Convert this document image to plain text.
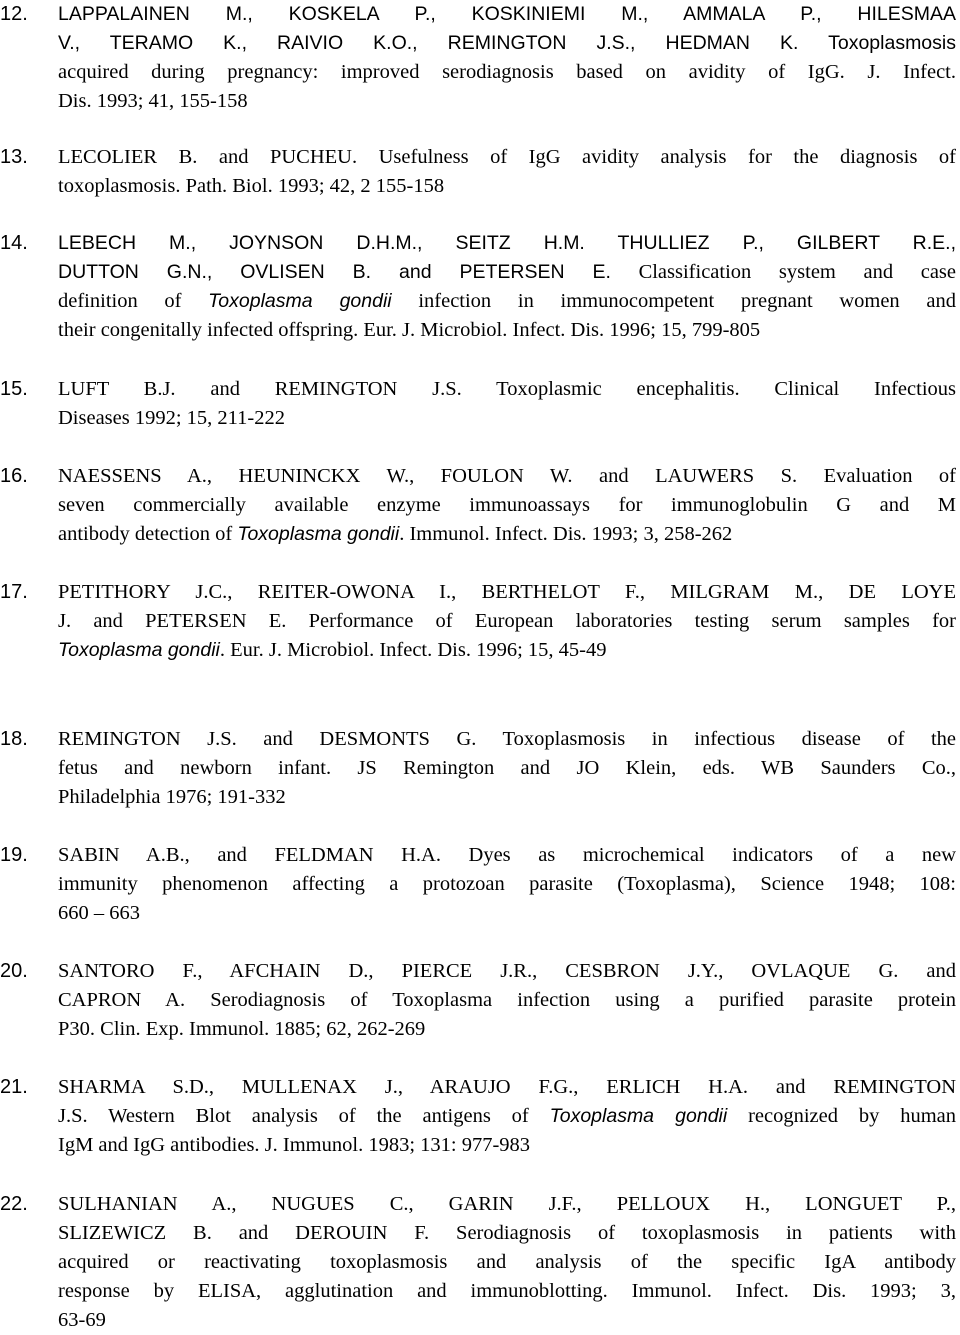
12.	LAPPALAINEN M., KOSKELA P., KOSKINIEMI M., AMMALA P., HILESMAA
V., TERAMO K., RAIVIO K.O., REMINGTON J.S., HEDMAN K. Toxoplasmosis
acquired during pregnancy: improved serodiagnosis based on avidity of IgG. J. Infect.
Dis. 1993; 41, 155-158
13.	LECOLIER B. and PUCHEU. Usefulness of IgG avidity analysis for the diagnosis of
toxoplasmosis. Path. Biol. 1993; 42, 2 155-158
14.	LEBECH M., JOYNSON D.H.M., SEITZ H.M. THULLIEZ P., GILBERT R.E.,
DUTTON G.N., OVLISEN B. and PETERSEN E. Classification system and case
definition of Toxoplasma gondii infection in immunocompetent pregnant women and
their congenitally infected offspring. Eur. J. Microbiol. Infect. Dis. 1996; 15, 799-805
15.	LUFT B.J. and REMINGTON J.S. Toxoplasmic encephalitis. Clinical Infectious
Diseases 1992; 15, 211-222
16.	NAESSENS A., HEUNINCKX W., FOULON W. and LAUWERS S. Evaluation of
seven commercially available enzyme immunoassays for immunoglobulin G and M
antibody detection of Toxoplasma gondii. Immunol. Infect. Dis. 1993; 3, 258-262
17.	PETITHORY J.C., REITER-OWONA I., BERTHELOT F., MILGRAM M., DE LOYE
J. and PETERSEN E. Performance of European laboratories testing serum samples for
Toxoplasma gondii. Eur. J. Microbiol. Infect. Dis. 1996; 15, 45-49
18.	REMINGTON J.S. and DESMONTS G. Toxoplasmosis in infectious disease of the
fetus and newborn infant. JS Remington and JO Klein, eds. WB Saunders Co.,
Philadelphia 1976; 191-332
19.	SABIN A.B., and FELDMAN H.A. Dyes as microchemical indicators of a new
immunity phenomenon affecting a protozoan parasite (Toxoplasma), Science 1948; 108:
660 – 663
20.	SANTORO F., AFCHAIN D., PIERCE J.R., CESBRON J.Y., OVLAQUE G. and
CAPRON A. Serodiagnosis of Toxoplasma infection using a purified parasite protein
P30. Clin. Exp. Immunol. 1885; 62, 262-269
21.	SHARMA S.D., MULLENAX J., ARAUJO F.G., ERLICH H.A. and REMINGTON
J.S. Western Blot analysis of the antigens of Toxoplasma gondii recognized by human
IgM and IgG antibodies. J. Immunol. 1983; 131: 977-983
22.	SULHANIAN A., NUGUES C., GARIN J.F., PELLOUX H., LONGUET P.,
SLIZEWICZ B. and DEROUIN F. Serodiagnosis of toxoplasmosis in patients with
acquired or reactivating toxoplasmosis and analysis of the specific IgA antibody
response by ELISA, agglutination and immunoblotting. Immunol. Infect. Dis. 1993; 3,
63-69
